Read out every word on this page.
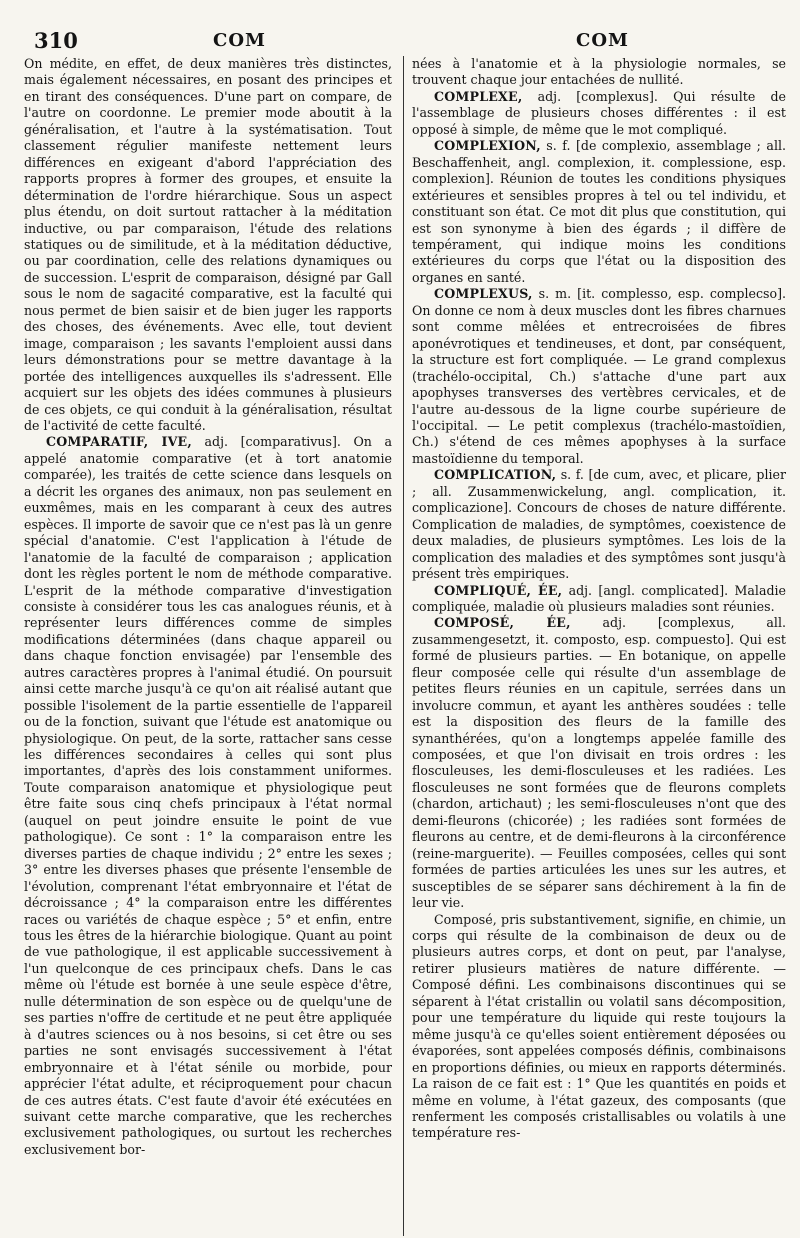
310	COM	COM

On médite, en effet, de deux manières très distinctes, mais également nécessaires, en posant des principes et en tirant des conséquences. D'une part on compare, de l'autre on coordonne. Le premier mode aboutit à la généralisation, et l'autre à la systématisation. Tout classement régulier manifeste nettement leurs différences en exigeant d'abord l'appréciation des rapports propres à former des groupes, et ensuite la détermination de l'ordre hiérarchique. Sous un aspect plus étendu, on doit surtout rattacher à la méditation inductive, ou par comparaison, l'étude des relations statiques ou de similitude, et à la méditation déductive, ou par coordination, celle des relations dynamiques ou de succession. L'esprit de comparaison, désigné par Gall sous le nom de sagacité comparative, est la faculté qui nous permet de bien saisir et de bien juger les rapports des choses, des événements. Avec elle, tout devient image, comparaison ; les savants l'emploient aussi dans leurs démonstrations pour se mettre davantage à la portée des intelligences auxquelles ils s'adressent. Elle acquiert sur les objets des idées communes à plusieurs de ces objets, ce qui conduit à la généralisation, résultat de l'activité de cette faculté.

COMPARATIF, IVE, adj. [comparativus]. On a appelé anatomie comparative (et à tort anatomie comparée), les traités de cette science dans lesquels on a décrit les organes des animaux, non pas seulement en euxmêmes, mais en les comparant à ceux des autres espèces. Il importe de savoir que ce n'est pas là un genre spécial d'anatomie. C'est l'application à l'étude de l'anatomie de la faculté de comparaison ; application dont les règles portent le nom de méthode comparative. L'esprit de la méthode comparative d'investigation consiste à considérer tous les cas analogues réunis, et à représenter leurs différences comme de simples modifications déterminées (dans chaque appareil ou dans chaque fonction envisagée) par l'ensemble des autres caractères propres à l'animal étudié. On poursuit ainsi cette marche jusqu'à ce qu'on ait réalisé autant que possible l'isolement de la partie essentielle de l'appareil ou de la fonction, suivant que l'étude est anatomique ou physiologique. On peut, de la sorte, rattacher sans cesse les différences secondaires à celles qui sont plus importantes, d'après des lois constamment uniformes. Toute comparaison anatomique et physiologique peut être faite sous cinq chefs principaux à l'état normal (auquel on peut joindre ensuite le point de vue pathologique). Ce sont : 1° la comparaison entre les diverses parties de chaque individu ; 2° entre les sexes ; 3° entre les diverses phases que présente l'ensemble de l'évolution, comprenant l'état embryonnaire et l'état de décroissance ; 4° la comparaison entre les différentes races ou variétés de chaque espèce ; 5° et enfin, entre tous les êtres de la hiérarchie biologique. Quant au point de vue pathologique, il est applicable successivement à l'un quelconque de ces principaux chefs. Dans le cas même où l'étude est bornée à une seule espèce d'être, nulle détermination de son espèce ou de quelqu'une de ses parties n'offre de certitude et ne peut être appliquée à d'autres sciences ou à nos besoins, si cet être ou ses parties ne sont envisagés successivement à l'état embryonnaire et à l'état sénile ou morbide, pour apprécier l'état adulte, et réciproquement pour chacun de ces autres états. C'est faute d'avoir été exécutées en suivant cette marche comparative, que les recherches exclusivement pathologiques, ou surtout les recherches exclusivement bor-

nées à l'anatomie et à la physiologie normales, se trouvent chaque jour entachées de nullité.

COMPLEXE, adj. [complexus]. Qui résulte de l'assemblage de plusieurs choses différentes : il est opposé à simple, de même que le mot compliqué.

COMPLEXION, s. f. [de complexio, assemblage ; all. Beschaffenheit, angl. complexion, it. complessione, esp. complexion]. Réunion de toutes les conditions physiques extérieures et sensibles propres à tel ou tel individu, et constituant son état. Ce mot dit plus que constitution, qui est son synonyme à bien des égards ; il diffère de tempérament, qui indique moins les conditions extérieures du corps que l'état ou la disposition des organes en santé.

COMPLEXUS, s. m. [it. complesso, esp. complecso]. On donne ce nom à deux muscles dont les fibres charnues sont comme mêlées et entrecroisées de fibres aponévrotiques et tendineuses, et dont, par conséquent, la structure est fort compliquée. — Le grand complexus (trachélo-occipital, Ch.) s'attache d'une part aux apophyses transverses des vertèbres cervicales, et de l'autre au-dessous de la ligne courbe supérieure de l'occipital. — Le petit complexus (trachélo-mastoïdien, Ch.) s'étend de ces mêmes apophyses à la surface mastoïdienne du temporal.

COMPLICATION, s. f. [de cum, avec, et plicare, plier ; all. Zusammenwickelung, angl. complication, it. complicazione]. Concours de choses de nature différente. Complication de maladies, de symptômes, coexistence de deux maladies, de plusieurs symptômes. Les lois de la complication des maladies et des symptômes sont jusqu'à présent très empiriques.

COMPLIQUÉ, ÉE, adj. [angl. complicated]. Maladie compliquée, maladie où plusieurs maladies sont réunies.

COMPOSÉ, ÉE, adj. [complexus, all. zusammengesetzt, it. composto, esp. compuesto]. Qui est formé de plusieurs parties. — En botanique, on appelle fleur composée celle qui résulte d'un assemblage de petites fleurs réunies en un capitule, serrées dans un involucre commun, et ayant les anthères soudées : telle est la disposition des fleurs de la famille des synanthérées, qu'on a longtemps appelée famille des composées, et que l'on divisait en trois ordres : les flosculeuses, les demi-flosculeuses et les radiées. Les flosculeuses ne sont formées que de fleurons complets (chardon, artichaut) ; les semi-flosculeuses n'ont que des demi-fleurons (chicorée) ; les radiées sont formées de fleurons au centre, et de demi-fleurons à la circonférence (reine-marguerite). — Feuilles composées, celles qui sont formées de parties articulées les unes sur les autres, et susceptibles de se séparer sans déchirement à la fin de leur vie.

Composé, pris substantivement, signifie, en chimie, un corps qui résulte de la combinaison de deux ou de plusieurs autres corps, et dont on peut, par l'analyse, retirer plusieurs matières de nature différente. — Composé défini. Les combinaisons discontinues qui se séparent à l'état cristallin ou volatil sans décomposition, pour une température du liquide qui reste toujours la même jusqu'à ce qu'elles soient entièrement déposées ou évaporées, sont appelées composés définis, combinaisons en proportions définies, ou mieux en rapports déterminés. La raison de ce fait est : 1° Que les quantités en poids et même en volume, à l'état gazeux, des composants (que renferment les composés cristallisables ou volatils à une température res-
